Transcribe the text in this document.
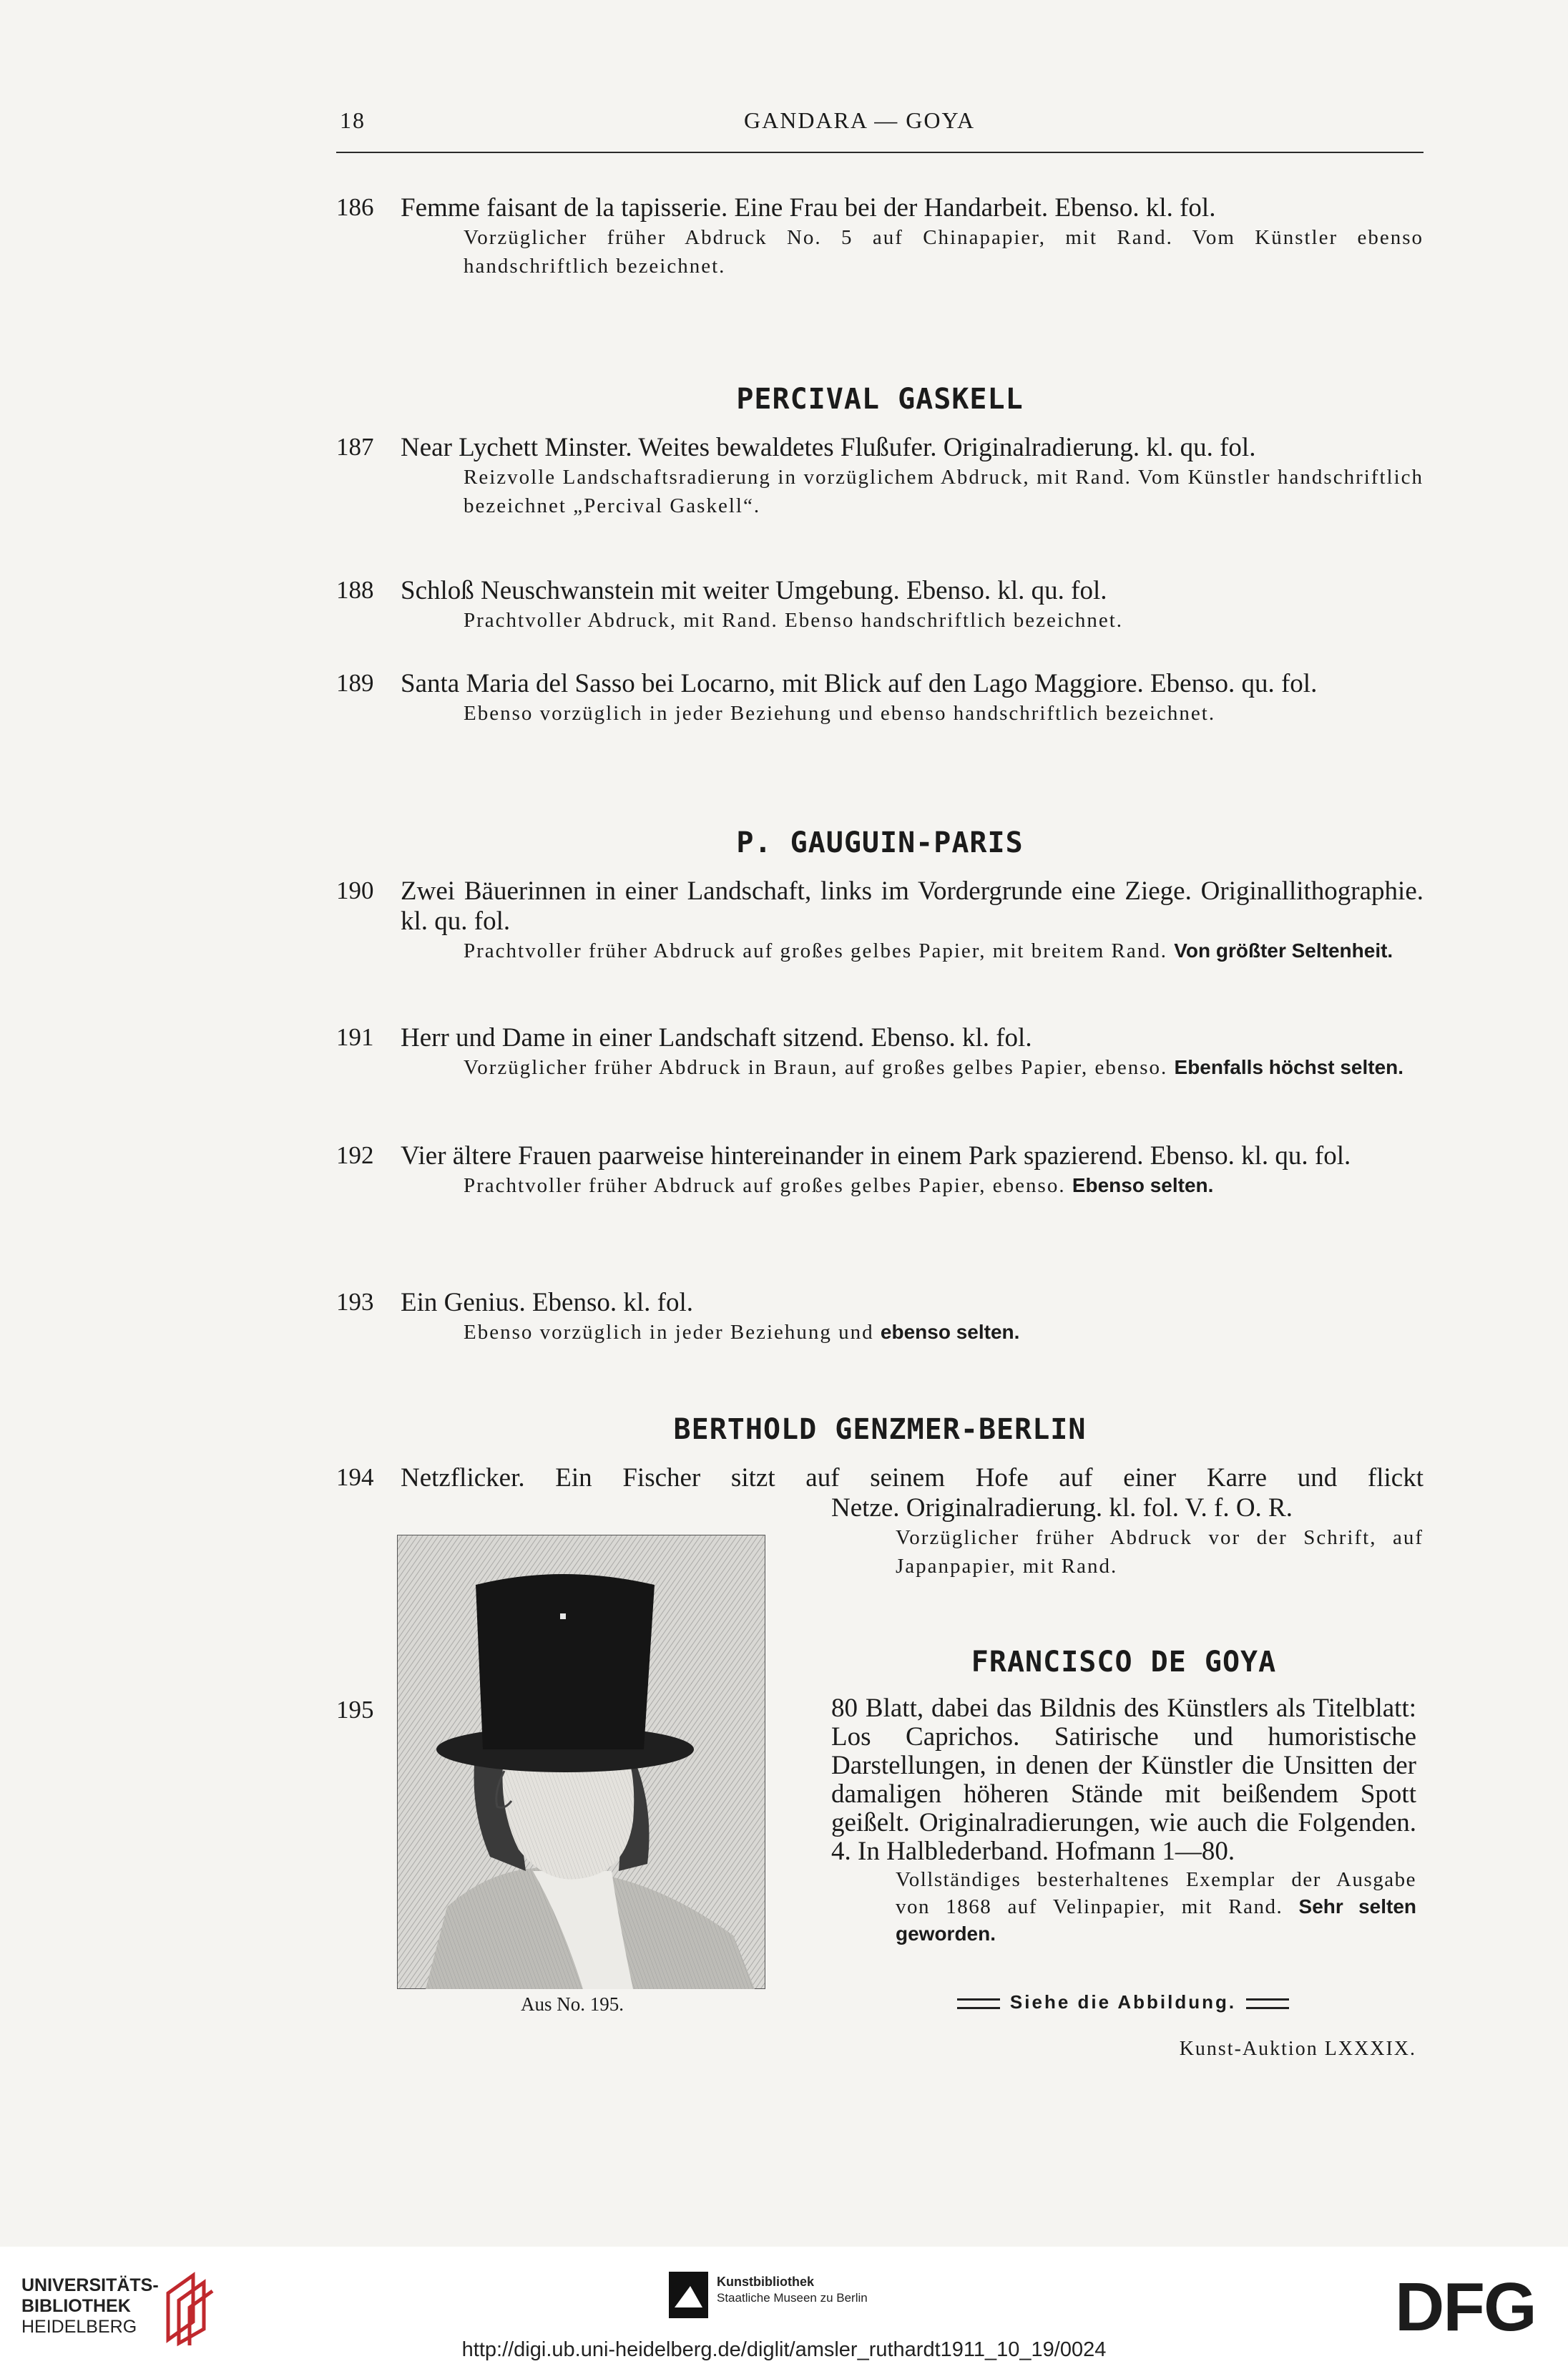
18	GANDARA — GOYA
186 Femme faisant de la tapisserie. Eine Frau bei der Handarbeit. Ebenso. kl. fol.
Vorzüglicher früher Abdruck No. 5 auf Chinapapier, mit Rand. Vom Künstler ebenso handschriftlich bezeichnet.
PERCIVAL GASKELL
187 Near Lychett Minster. Weites bewaldetes Flußufer. Originalradierung. kl. qu. fol.
Reizvolle Landschaftsradierung in vorzüglichem Abdruck, mit Rand. Vom Künstler handschriftlich bezeichnet „Percival Gaskell“.
188 Schloß Neuschwanstein mit weiter Umgebung. Ebenso. kl. qu. fol.
Prachtvoller Abdruck, mit Rand. Ebenso handschriftlich bezeichnet.
189 Santa Maria del Sasso bei Locarno, mit Blick auf den Lago Maggiore. Ebenso. qu. fol.
Ebenso vorzüglich in jeder Beziehung und ebenso handschriftlich bezeichnet.
P. GAUGUIN-PARIS
190 Zwei Bäuerinnen in einer Landschaft, links im Vordergrunde eine Ziege. Originallithographie. kl. qu. fol.
Prachtvoller früher Abdruck auf großes gelbes Papier, mit breitem Rand. Von größter Seltenheit.
191 Herr und Dame in einer Landschaft sitzend. Ebenso. kl. fol.
Vorzüglicher früher Abdruck in Braun, auf großes gelbes Papier, ebenso. Ebenfalls höchst selten.
192 Vier ältere Frauen paarweise hintereinander in einem Park spazierend. Ebenso. kl. qu. fol.
Prachtvoller früher Abdruck auf großes gelbes Papier, ebenso. Ebenso selten.
193 Ein Genius. Ebenso. kl. fol.
Ebenso vorzüglich in jeder Beziehung und ebenso selten.
BERTHOLD GENZMER-BERLIN
194 Netzflicker. Ein Fischer sitzt auf seinem Hofe auf einer Karre und flickt
Netze. Originalradierung. kl. fol. V. f. O. R.
Vorzüglicher früher Abdruck vor der Schrift, auf Japanpapier, mit Rand.
Aus No. 195.
FRANCISCO DE GOYA
195	80 Blatt, dabei das Bildnis des Künstlers als Titelblatt: Los Caprichos. Satirische und humoristische Darstellungen, in denen der Künstler die Unsitten der damaligen höheren Stände mit beißendem Spott geißelt. Originalradierungen, wie auch die Folgenden. 4. In Halblederband. Hofmann 1—80.
Vollständiges besterhaltenes Exemplar der Ausgabe von 1868 auf Velinpapier, mit Rand. Sehr selten geworden.
Siehe die Abbildung.
Kunst-Auktion LXXXIX.
UNIVERSITÄTS-
BIBLIOTHEK
HEIDELBERG
Kunstbibliothek
Staatliche Museen zu Berlin	DFG
http://digi.ub.uni-heidelberg.de/diglit/amsler_ruthardt1911_10_19/0024
